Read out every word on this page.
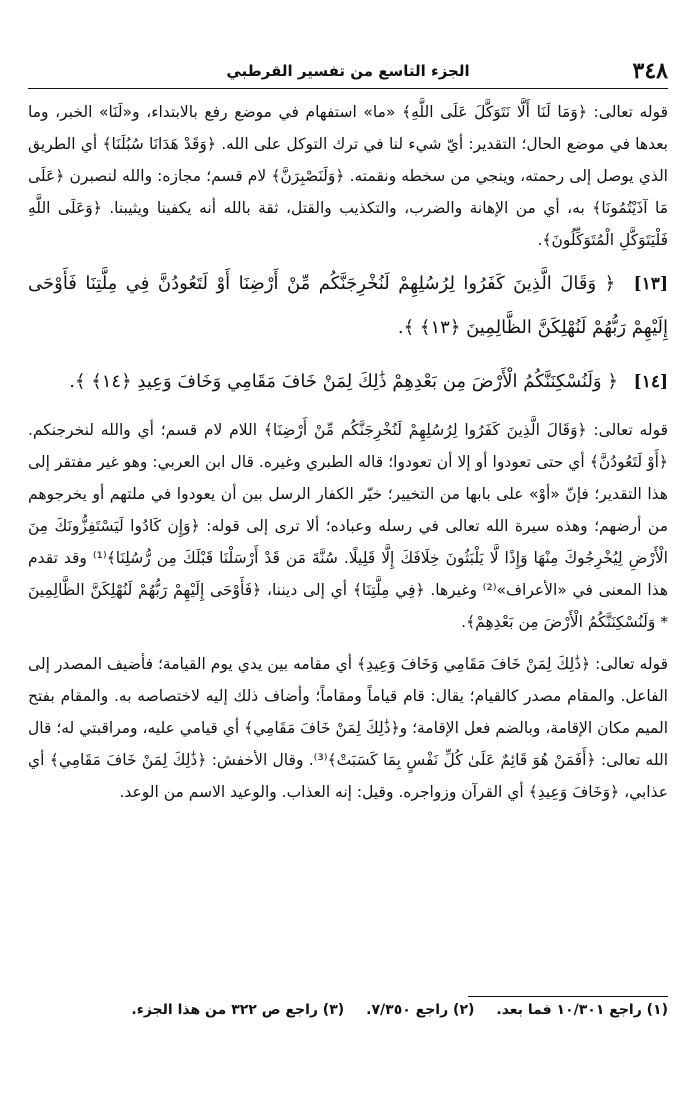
٣٤٨
الجزء التاسع من تفسير القرطبي

قوله تعالى: ﴿وَمَا لَنَا أَلَّا نَتَوَكَّلَ عَلَى اللَّهِ﴾ «ما» استفهام في موضع رفع بالابتداء، و«لَنَا» الخبر، وما بعدها في موضع الحال؛ التقدير: أيّ شيء لنا في ترك التوكل على الله. ﴿وَقَدْ هَدَانَا سُبُلَنَا﴾ أي الطريق الذي يوصل إلى رحمته، وينجي من سخطه ونقمته. ﴿وَلَنَصْبِرَنَّ﴾ لام قسم؛ مجازه: والله لنصبرن ﴿عَلَى مَا آذَيْتُمُونَا﴾ به، أي من الإهانة والضرب، والتكذيب والقتل، ثقة بالله أنه يكفينا ويثيبنا. ﴿وَعَلَى اللَّهِ فَلْيَتَوَكَّلِ الْمُتَوَكِّلُونَ﴾.

[١٣] ﴿ وَقَالَ الَّذِينَ كَفَرُوا لِرُسُلِهِمْ لَنُخْرِجَنَّكُم مِّنْ أَرْضِنَا أَوْ لَتَعُودُنَّ فِي مِلَّتِنَا فَأَوْحَى إِلَيْهِمْ رَبُّهُمْ لَنُهْلِكَنَّ الظَّالِمِينَ ﴿١٣﴾ ﴾.
[١٤] ﴿ وَلَنُسْكِنَنَّكُمُ الْأَرْضَ مِن بَعْدِهِمْ ذَٰلِكَ لِمَنْ خَافَ مَقَامِي وَخَافَ وَعِيدِ ﴿١٤﴾ ﴾.

قوله تعالى: ﴿وَقَالَ الَّذِينَ كَفَرُوا لِرُسُلِهِمْ لَنُخْرِجَنَّكُم مِّنْ أَرْضِنَا﴾ اللام لام قسم؛ أي والله لنخرجنكم. ﴿أَوْ لَتَعُودُنَّ﴾ أي حتى تعودوا أو إلا أن تعودوا؛ قاله الطبري وغيره. قال ابن العربي: وهو غير مفتقر إلى هذا التقدير؛ فإنّ «أوْ» على بابها من التخيير؛ خيّر الكفار الرسل بين أن يعودوا في ملتهم أو يخرجوهم من أرضهم؛ وهذه سيرة الله تعالى في رسله وعباده؛ ألا ترى إلى قوله: ﴿وَإِن كَادُوا لَيَسْتَفِزُّونَكَ مِنَ الْأَرْضِ لِيُخْرِجُوكَ مِنْهَا وَإِذًا لَّا يَلْبَثُونَ خِلَافَكَ إِلَّا قَلِيلًا. سُنَّةَ مَن قَدْ أَرْسَلْنَا قَبْلَكَ مِن رُّسُلِنَا﴾⁽¹⁾ وقد تقدم هذا المعنى في «الأعراف»⁽²⁾ وغيرها. ﴿فِي مِلَّتِنَا﴾ أي إلى ديننا، ﴿فَأَوْحَى إِلَيْهِمْ رَبُّهُمْ لَنُهْلِكَنَّ الظَّالِمِينَ * وَلَنُسْكِنَنَّكُمُ الْأَرْضَ مِن بَعْدِهِمْ﴾.

قوله تعالى: ﴿ذَٰلِكَ لِمَنْ خَافَ مَقَامِي وَخَافَ وَعِيدِ﴾ أي مقامه بين يدي يوم القيامة؛ فأضيف المصدر إلى الفاعل. والمقام مصدر كالقيام؛ يقال: قام قياماً ومقاماً؛ وأضاف ذلك إليه لاختصاصه به. والمقام بفتح الميم مكان الإقامة، وبالضم فعل الإقامة؛ و﴿ذَٰلِكَ لِمَنْ خَافَ مَقَامِي﴾ أي قيامي عليه، ومراقبتي له؛ قال الله تعالى: ﴿أَفَمَنْ هُوَ قَائِمٌ عَلَىٰ كُلِّ نَفْسٍ بِمَا كَسَبَتْ﴾⁽³⁾. وقال الأخفش: ﴿ذَٰلِكَ لِمَنْ خَافَ مَقَامِي﴾ أي عذابي، ﴿وَخَافَ وَعِيدِ﴾ أي القرآن وزواجره. وقيل: إنه العذاب. والوعيد الاسم من الوعد.

(١) راجع ١٠/٣٠١ فما بعد.
(٢) راجع ٧/٣٥٠.
(٣) راجع ص ٣٢٢ من هذا الجزء.
